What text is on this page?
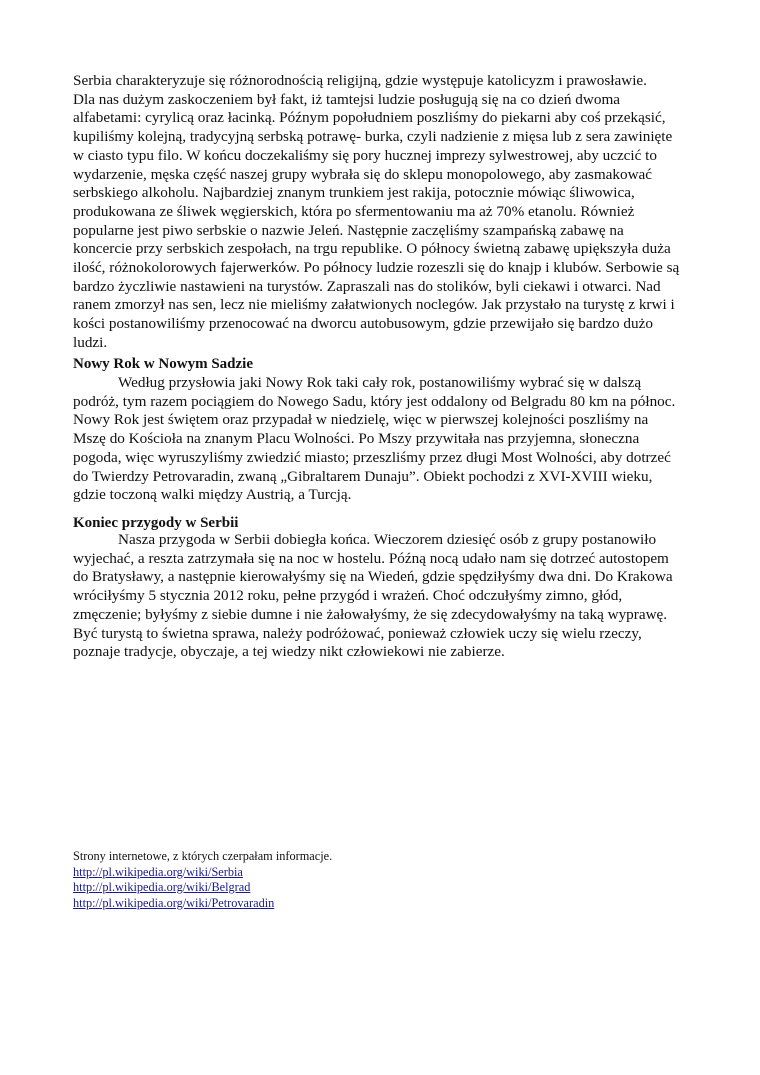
Serbia charakteryzuje się różnorodnością religijną, gdzie występuje katolicyzm i prawosławie.
Dla nas dużym zaskoczeniem był fakt, iż tamtejsi ludzie posługują się na co dzień dwoma
alfabetami: cyrylicą oraz łacinką. Późnym popołudniem poszliśmy do piekarni aby coś przekąsić,
kupiliśmy kolejną, tradycyjną serbską potrawę- burka, czyli nadzienie z mięsa lub z sera zawinięte
w ciasto typu filo. W końcu doczekaliśmy się pory hucznej imprezy sylwestrowej, aby uczcić to
wydarzenie, męska część naszej grupy wybrała się do sklepu monopolowego, aby zasmakować
serbskiego alkoholu. Najbardziej znanym trunkiem jest rakija, potocznie mówiąc śliwowica,
produkowana ze śliwek węgierskich, która po sfermentowaniu ma aż 70% etanolu. Również
popularne jest piwo serbskie o nazwie Jeleń. Następnie zaczęliśmy szampańską zabawę na
koncercie przy serbskich zespołach, na trgu republike. O północy świetną zabawę upiększyła duża
ilość, różnokolorowych fajerwerków. Po północy ludzie rozeszli się do knajp i klubów. Serbowie są
bardzo życzliwie nastawieni na turystów. Zapraszali nas do stolików, byli ciekawi i otwarci. Nad
ranem zmorzył nas sen, lecz nie mieliśmy załatwionych noclegów. Jak przystało na turystę z krwi i
kości postanowiliśmy przenocować na dworcu autobusowym, gdzie przewijało się bardzo dużo
ludzi.
Nowy Rok w Nowym Sadzie
Według przysłowia jaki Nowy Rok taki cały rok, postanowiliśmy wybrać się w dalszą
podróż, tym razem pociągiem do Nowego Sadu, który jest oddalony od Belgradu 80 km na północ.
Nowy Rok jest świętem oraz przypadał w niedzielę, więc w pierwszej kolejności poszliśmy na
Mszę do Kościoła na znanym Placu Wolności. Po Mszy przywitała nas przyjemna, słoneczna
pogoda, więc wyruszyliśmy zwiedzić miasto; przeszliśmy przez długi Most Wolności, aby dotrzeć
do Twierdzy Petrovaradin, zwaną „Gibraltarem Dunaju”. Obiekt pochodzi z XVI-XVIII wieku,
gdzie toczoną walki między Austrią, a Turcją.
Koniec przygody w Serbii
Nasza przygoda w Serbii dobiegła końca. Wieczorem dziesięć osób z grupy postanowiło
wyjechać, a reszta zatrzymała się na noc w hostelu. Późną nocą udało nam się dotrzeć autostopem
do Bratysławy, a następnie kierowałyśmy się na Wiedeń, gdzie spędziłyśmy dwa dni. Do Krakowa
wróciłyśmy 5 stycznia 2012 roku, pełne przygód i wrażeń. Choć odczułyśmy zimno, głód,
zmęczenie; byłyśmy z siebie dumne i nie żałowałyśmy, że się zdecydowałyśmy na taką wyprawę.
Być turystą to świetna sprawa, należy podróżować, ponieważ człowiek uczy się wielu rzeczy,
poznaje tradycje, obyczaje, a tej wiedzy nikt człowiekowi nie zabierze.
Strony internetowe, z których czerpałam informacje.
http://pl.wikipedia.org/wiki/Serbia
http://pl.wikipedia.org/wiki/Belgrad
http://pl.wikipedia.org/wiki/Petrovaradin
